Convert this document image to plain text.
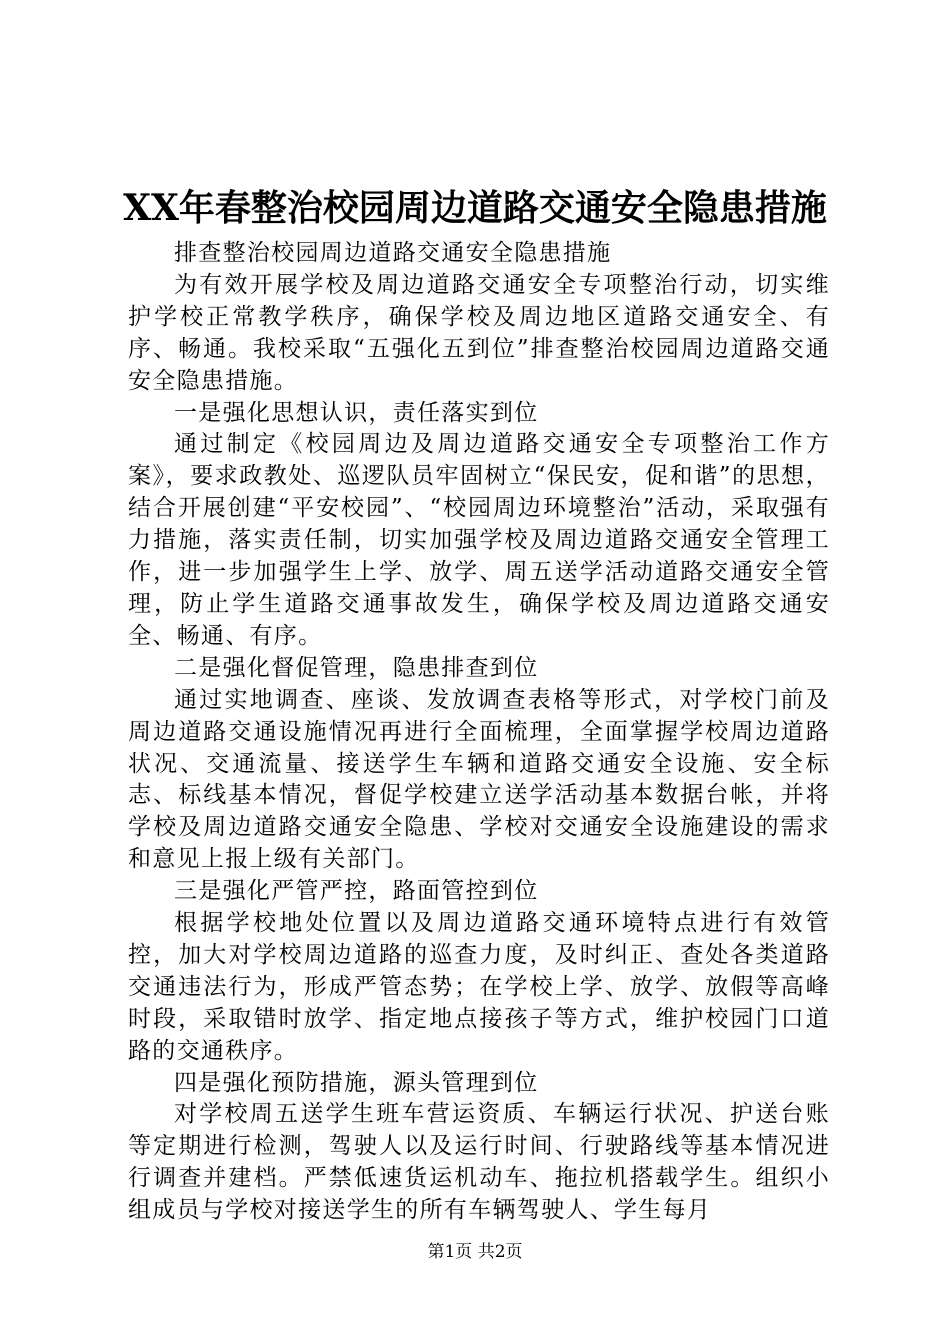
XX年春整治校园周边道路交通安全隐患措施

排查整治校园周边道路交通安全隐患措施

为有效开展学校及周边道路交通安全专项整治行动，切实维护学校正常教学秩序，确保学校及周边地区道路交通安全、有序、畅通。我校采取“五强化五到位”排查整治校园周边道路交通安全隐患措施。

一是强化思想认识，责任落实到位

通过制定《校园周边及周边道路交通安全专项整治工作方案》，要求政教处、巡逻队员牢固树立“保民安，促和谐”的思想，结合开展创建“平安校园”、“校园周边环境整治”活动，采取强有力措施，落实责任制，切实加强学校及周边道路交通安全管理工作，进一步加强学生上学、放学、周五送学活动道路交通安全管理，防止学生道路交通事故发生，确保学校及周边道路交通安全、畅通、有序。

二是强化督促管理，隐患排查到位

通过实地调查、座谈、发放调查表格等形式，对学校门前及周边道路交通设施情况再进行全面梳理，全面掌握学校周边道路状况、交通流量、接送学生车辆和道路交通安全设施、安全标志、标线基本情况，督促学校建立送学活动基本数据台帐，并将学校及周边道路交通安全隐患、学校对交通安全设施建设的需求和意见上报上级有关部门。

三是强化严管严控，路面管控到位

根据学校地处位置以及周边道路交通环境特点进行有效管控，加大对学校周边道路的巡查力度，及时纠正、查处各类道路交通违法行为，形成严管态势；在学校上学、放学、放假等高峰时段，采取错时放学、指定地点接孩子等方式，维护校园门口道路的交通秩序。

四是强化预防措施，源头管理到位

对学校周五送学生班车营运资质、车辆运行状况、护送台账等定期进行检测，驾驶人以及运行时间、行驶路线等基本情况进行调查并建档。严禁低速货运机动车、拖拉机搭载学生。组织小组成员与学校对接送学生的所有车辆驾驶人、学生每月

第1页 共2页
